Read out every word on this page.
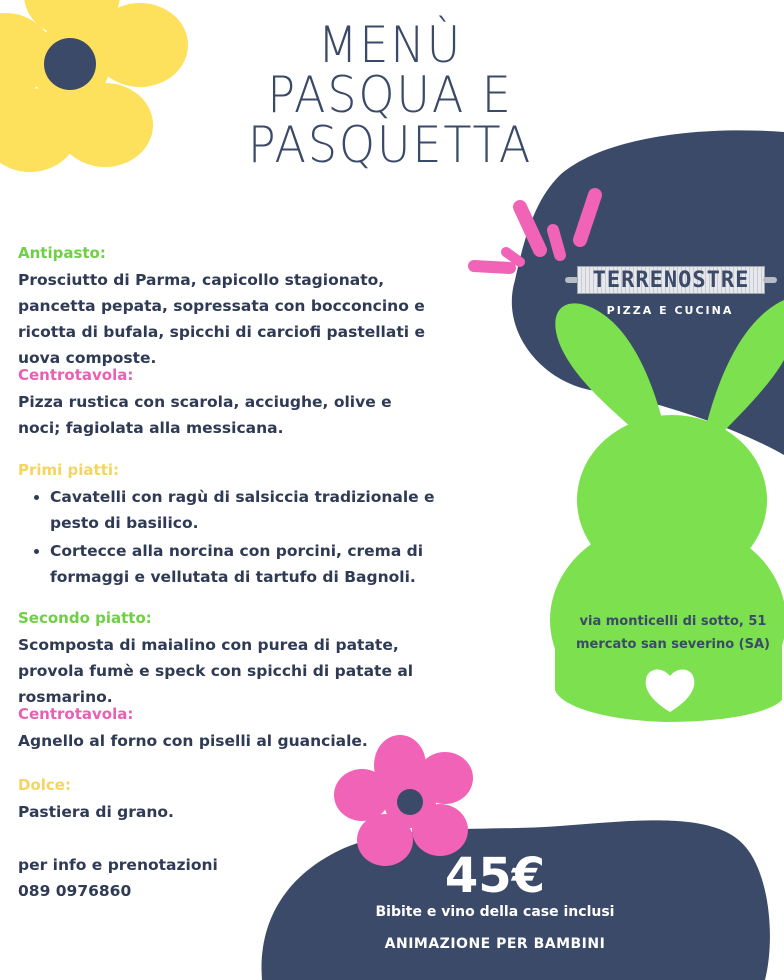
MENÙ
PASQUA E
PASQUETTA
Antipasto:
Prosciutto di Parma, capicollo stagionato, pancetta pepata, sopressata con bocconcino e ricotta di bufala, spicchi di carciofi pastellati e uova composte.
Centrotavola:
Pizza rustica con scarola, acciughe, olive e noci; fagiolata alla messicana.
Primi piatti:
• Cavatelli con ragù di salsiccia tradizionale e pesto di basilico.
• Cortecce alla norcina con porcini, crema di formaggi e vellutata di tartufo di Bagnoli.
Secondo piatto:
Scomposta di maialino con purea di patate, provola fumè e speck con spicchi di patate al rosmarino.
Centrotavola:
Agnello al forno con piselli al guanciale.
Dolce:
Pastiera di grano.
per info e prenotazioni
089 0976860
TERRENOSTRE
PIZZA E CUCINA
via monticelli di sotto, 51
mercato san severino (SA)
45€
Bibite e vino della case inclusi
ANIMAZIONE PER BAMBINI
